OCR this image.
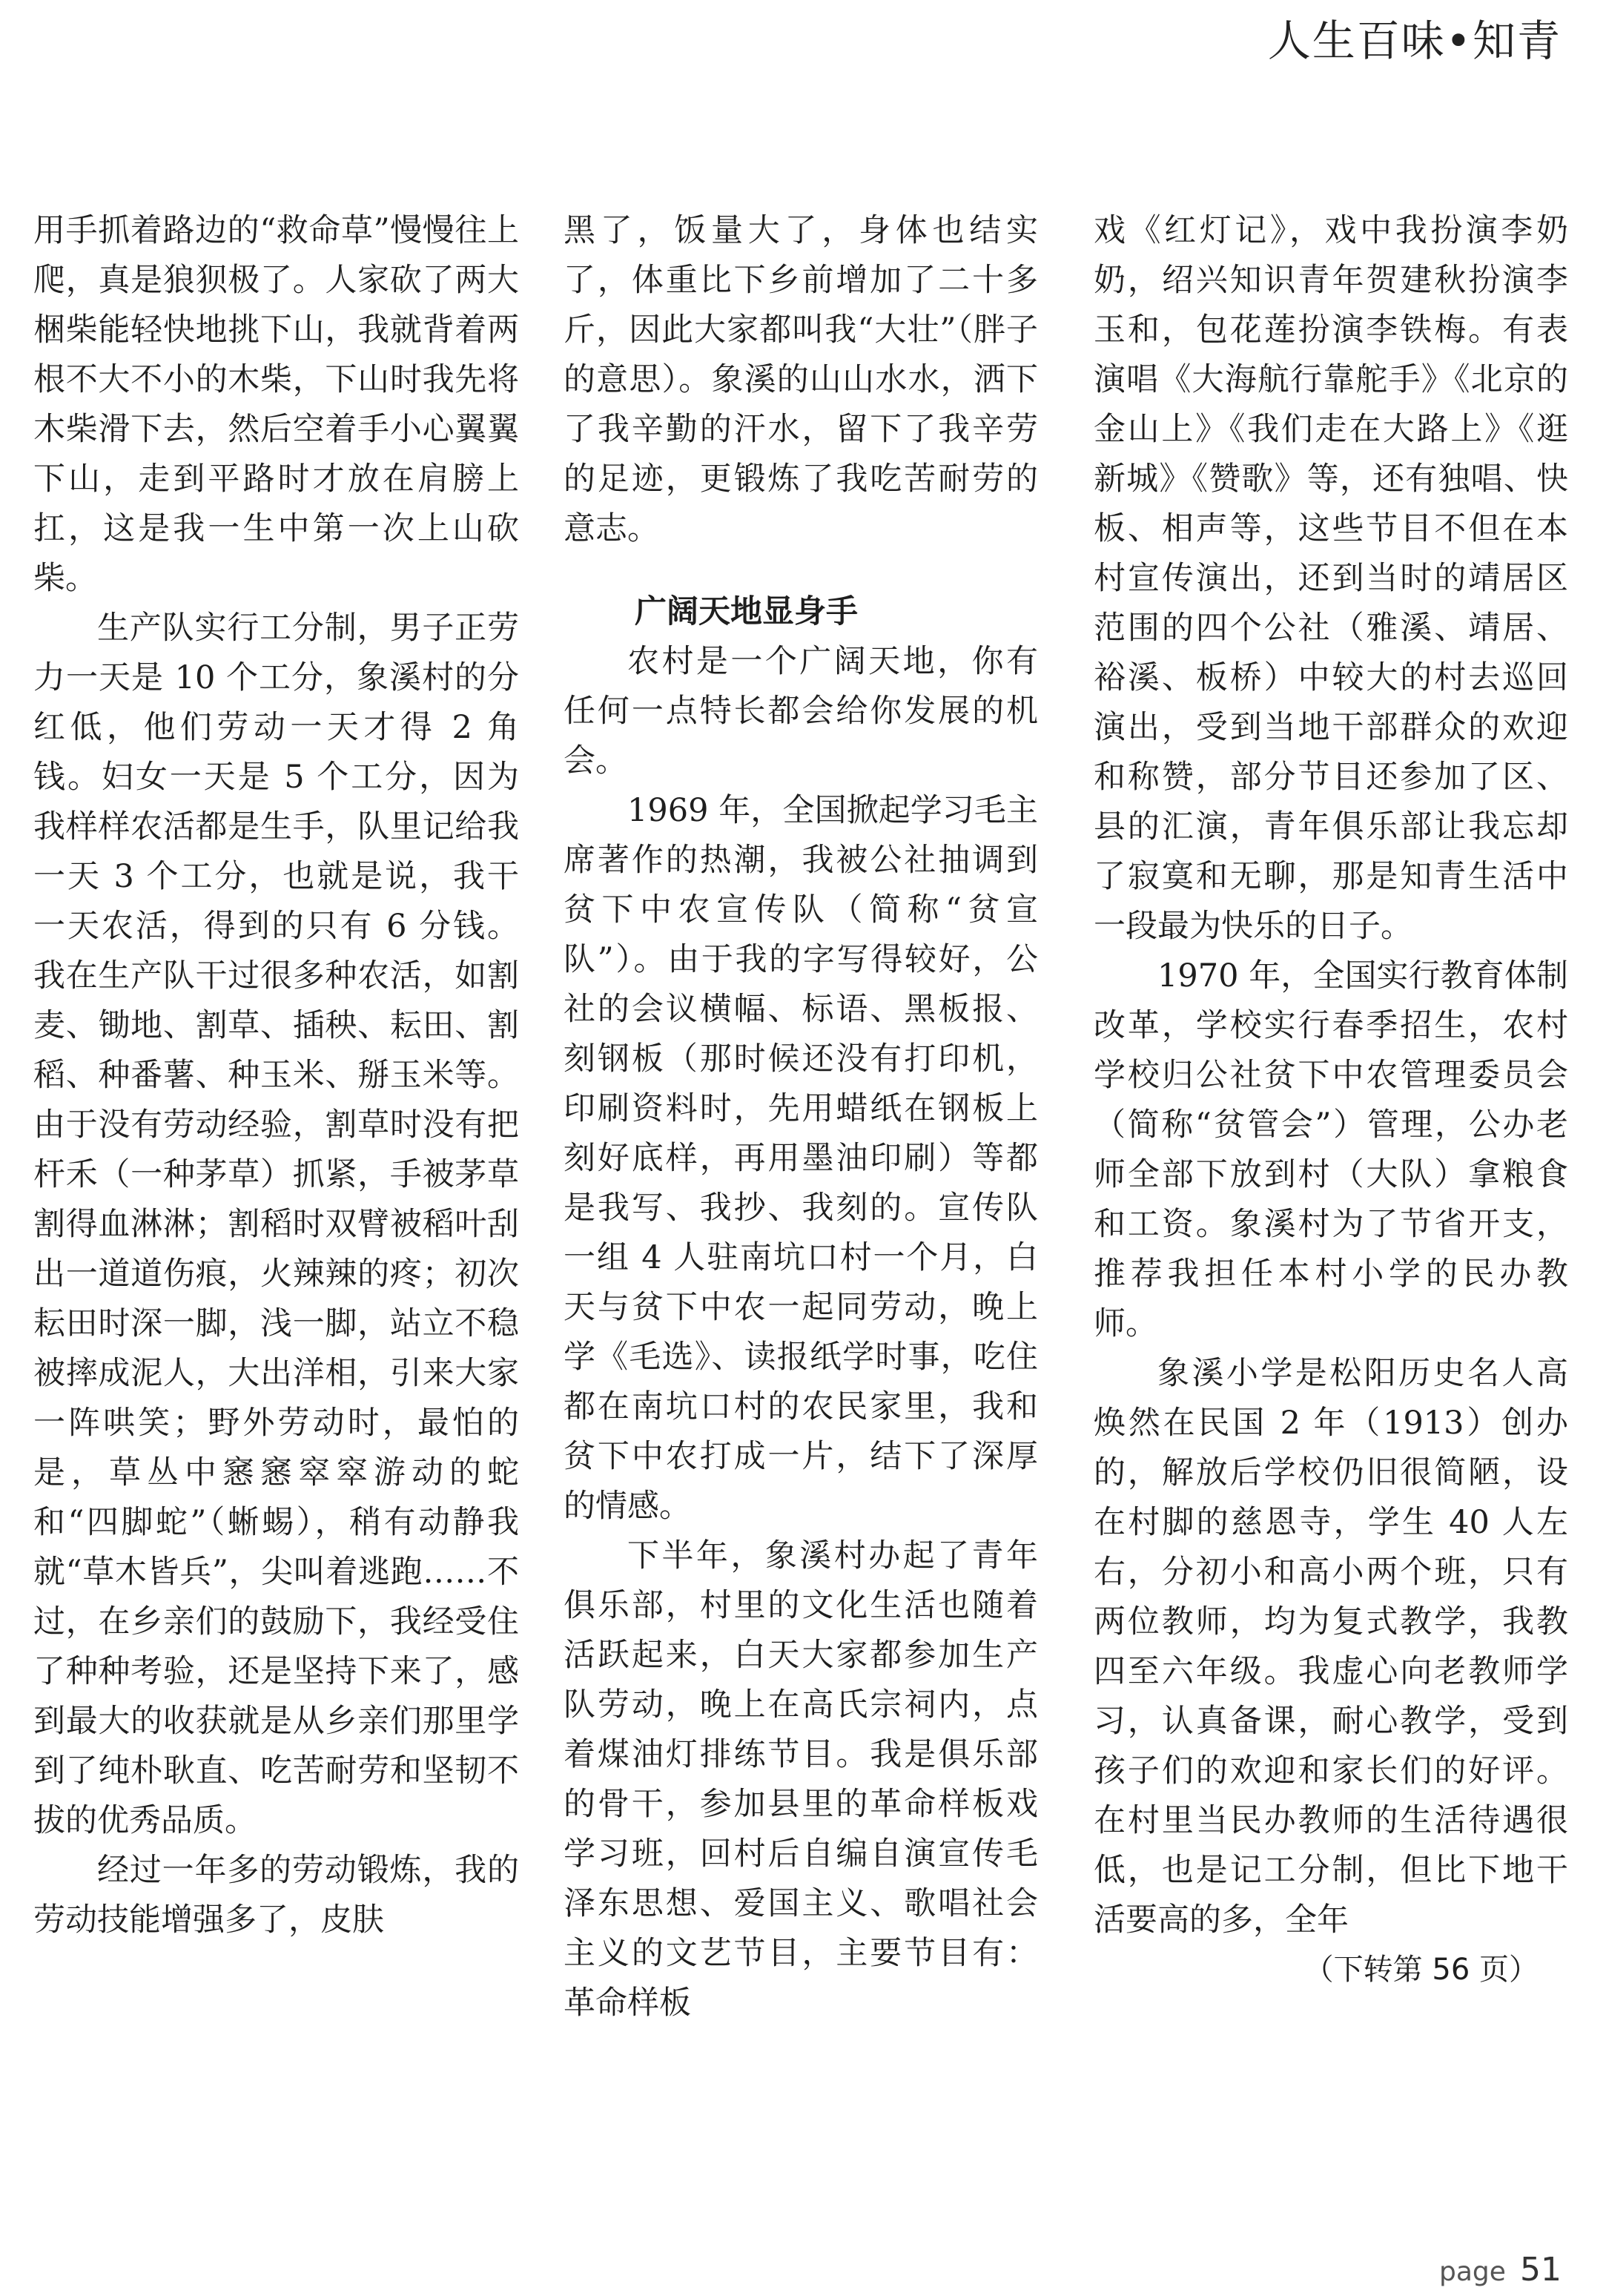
人生百味•知青

用手抓着路边的“救命草”慢慢往上爬，真是狼狈极了。人家砍了两大梱柴能轻快地挑下山，我就背着两根不大不小的木柴，下山时我先将木柴滑下去，然后空着手小心翼翼下山，走到平路时才放在肩膀上扛，这是我一生中第一次上山砍柴。

生产队实行工分制，男子正劳力一天是 10 个工分，象溪村的分红低，他们劳动一天才得 2 角钱。妇女一天是 5 个工分，因为我样样农活都是生手，队里记给我一天 3 个工分，也就是说，我干一天农活，得到的只有 6 分钱。我在生产队干过很多种农活，如割麦、锄地、割草、插秧、耘田、割稻、种番薯、种玉米、掰玉米等。由于没有劳动经验，割草时没有把杆禾（一种茅草）抓紧，手被茅草割得血淋淋；割稻时双臂被稻叶刮出一道道伤痕，火辣辣的疼；初次耘田时深一脚，浅一脚，站立不稳被摔成泥人，大出洋相，引来大家一阵哄笑；野外劳动时，最怕的是，草丛中窸窸窣窣游动的蛇和“四脚蛇”（蜥蜴），稍有动静我就“草木皆兵”，尖叫着逃跑……不过，在乡亲们的鼓励下，我经受住了种种考验，还是坚持下来了，感到最大的收获就是从乡亲们那里学到了纯朴耿直、吃苦耐劳和坚韧不拔的优秀品质。

经过一年多的劳动锻炼，我的劳动技能增强多了，皮肤

黑了，饭量大了，身体也结实了，体重比下乡前增加了二十多斤，因此大家都叫我“大壮”（胖子的意思）。象溪的山山水水，洒下了我辛勤的汗水，留下了我辛劳的足迹，更锻炼了我吃苦耐劳的意志。

广阔天地显身手

农村是一个广阔天地，你有任何一点特长都会给你发展的机会。

1969 年，全国掀起学习毛主席著作的热潮，我被公社抽调到贫下中农宣传队（简称“贫宣队”）。由于我的字写得较好，公社的会议横幅、标语、黑板报、刻钢板（那时候还没有打印机，印刷资料时，先用蜡纸在钢板上刻好底样，再用墨油印刷）等都是我写、我抄、我刻的。宣传队一组 4 人驻南坑口村一个月，白天与贫下中农一起同劳动，晚上学《毛选》、读报纸学时事，吃住都在南坑口村的农民家里，我和贫下中农打成一片，结下了深厚的情感。

下半年，象溪村办起了青年俱乐部，村里的文化生活也随着活跃起来，白天大家都参加生产队劳动，晚上在高氏宗祠内，点着煤油灯排练节目。我是俱乐部的骨干，参加县里的革命样板戏学习班，回村后自编自演宣传毛泽东思想、爱国主义、歌唱社会主义的文艺节目，主要节目有：革命样板

戏《红灯记》，戏中我扮演李奶奶，绍兴知识青年贺建秋扮演李玉和，包花莲扮演李铁梅。有表演唱《大海航行靠舵手》《北京的金山上》《我们走在大路上》《逛新城》《赞歌》等，还有独唱、快板、相声等，这些节目不但在本村宣传演出，还到当时的靖居区范围的四个公社（雅溪、靖居、裕溪、板桥）中较大的村去巡回演出，受到当地干部群众的欢迎和称赞，部分节目还参加了区、县的汇演，青年俱乐部让我忘却了寂寞和无聊，那是知青生活中一段最为快乐的日子。

1970 年，全国实行教育体制改革，学校实行春季招生，农村学校归公社贫下中农管理委员会（简称“贫管会”）管理，公办老师全部下放到村（大队）拿粮食和工资。象溪村为了节省开支，推荐我担任本村小学的民办教师。

象溪小学是松阳历史名人高焕然在民国 2 年（1913）创办的，解放后学校仍旧很简陋，设在村脚的慈恩寺，学生 40 人左右，分初小和高小两个班，只有两位教师，均为复式教学，我教四至六年级。我虚心向老教师学习，认真备课，耐心教学，受到孩子们的欢迎和家长们的好评。在村里当民办教师的生活待遇很低，也是记工分制，但比下地干活要高的多，全年

（下转第 56 页）

page 51
